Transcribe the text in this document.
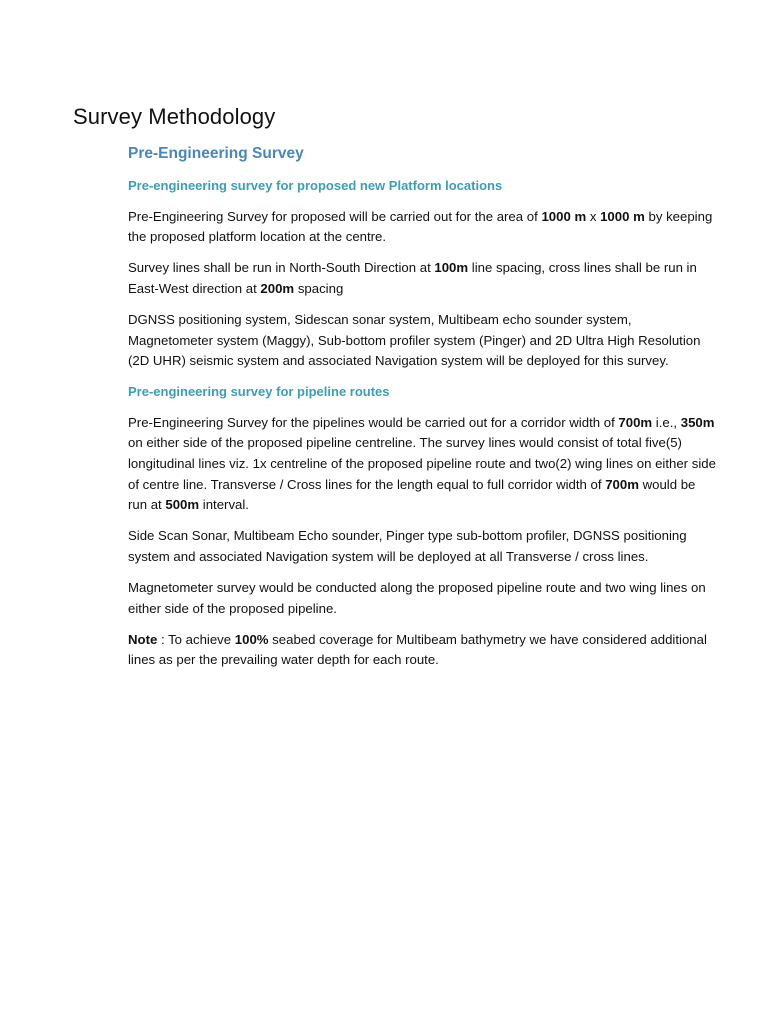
Survey Methodology
Pre-Engineering Survey

Pre-engineering survey for proposed new Platform locations

Pre-Engineering Survey for proposed will be carried out for the area of 1000 m x 1000 m by keeping the proposed platform location at the centre.

Survey lines shall be run in North-South Direction at 100m line spacing, cross lines shall be run in East-West direction at 200m spacing

DGNSS positioning system, Sidescan sonar system, Multibeam echo sounder system, Magnetometer system (Maggy), Sub-bottom profiler system (Pinger) and 2D Ultra High Resolution (2D UHR) seismic system and associated Navigation system will be deployed for this survey.

Pre-engineering survey for pipeline routes

Pre-Engineering Survey for the pipelines would be carried out for a corridor width of 700m i.e., 350m on either side of the proposed pipeline centreline. The survey lines would consist of total five(5) longitudinal lines viz. 1x centreline of the proposed pipeline route and two(2) wing lines on either side of centre line. Transverse / Cross lines for the length equal to full corridor width of 700m would be run at 500m interval.

Side Scan Sonar, Multibeam Echo sounder, Pinger type sub-bottom profiler, DGNSS positioning system and associated Navigation system will be deployed at all Transverse / cross lines.

Magnetometer survey would be conducted along the proposed pipeline route and two wing lines on either side of the proposed pipeline.

Note : To achieve 100% seabed coverage for Multibeam bathymetry we have considered additional lines as per the prevailing water depth for each route.
